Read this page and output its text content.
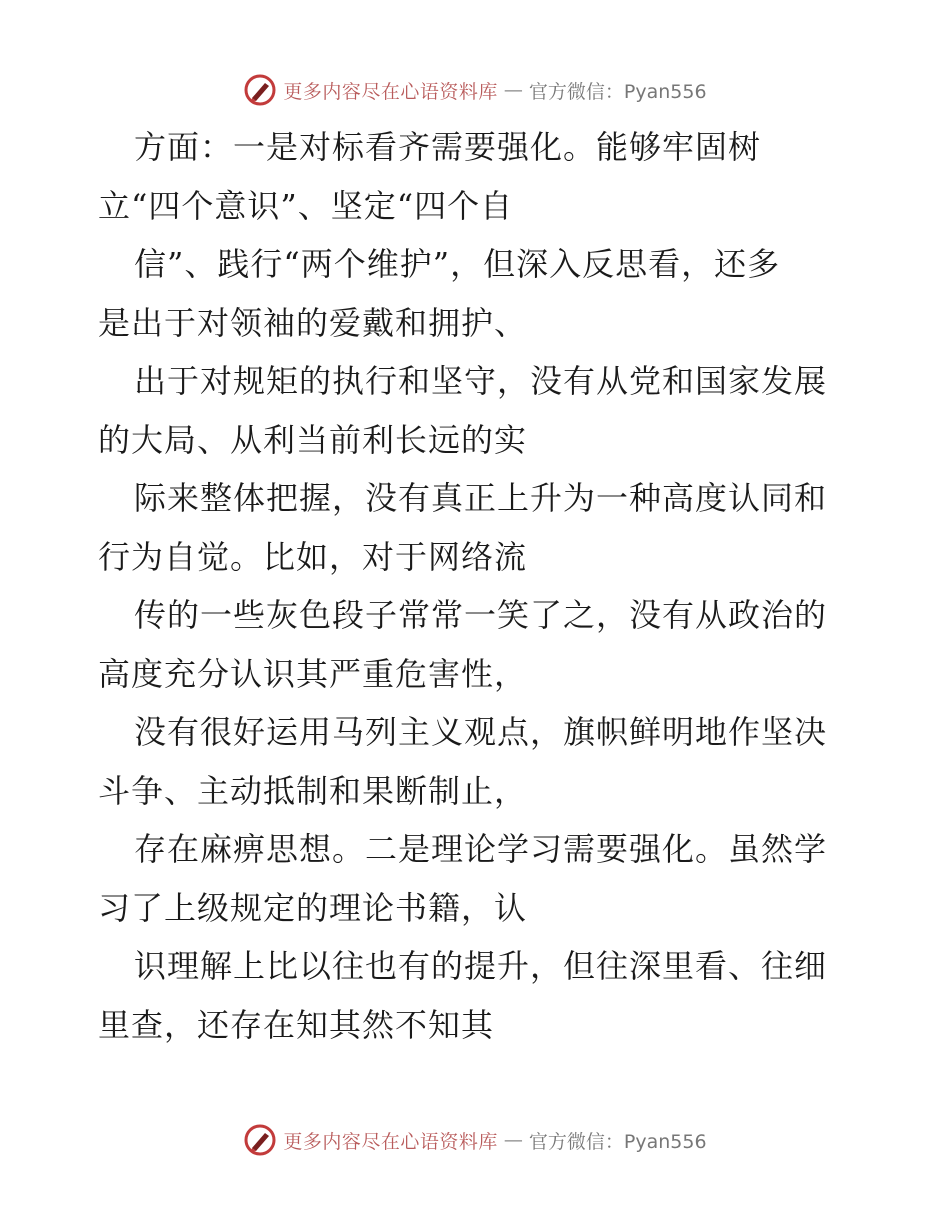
更多内容尽在心语资料库 — 官方微信：Pyan556
方面：一是对标看齐需要强化。能够牢固树
立“四个意识”、坚定“四个自
信”、践行“两个维护”，但深入反思看，还多
是出于对领袖的爱戴和拥护、
出于对规矩的执行和坚守，没有从党和国家发展
的大局、从利当前利长远的实
际来整体把握，没有真正上升为一种高度认同和
行为自觉。比如，对于网络流
传的一些灰色段子常常一笑了之，没有从政治的
高度充分认识其严重危害性，
没有很好运用马列主义观点，旗帜鲜明地作坚决
斗争、主动抵制和果断制止，
存在麻痹思想。二是理论学习需要强化。虽然学
习了上级规定的理论书籍，认
识理解上比以往也有的提升，但往深里看、往细
里查，还存在知其然不知其
更多内容尽在心语资料库 — 官方微信：Pyan556
